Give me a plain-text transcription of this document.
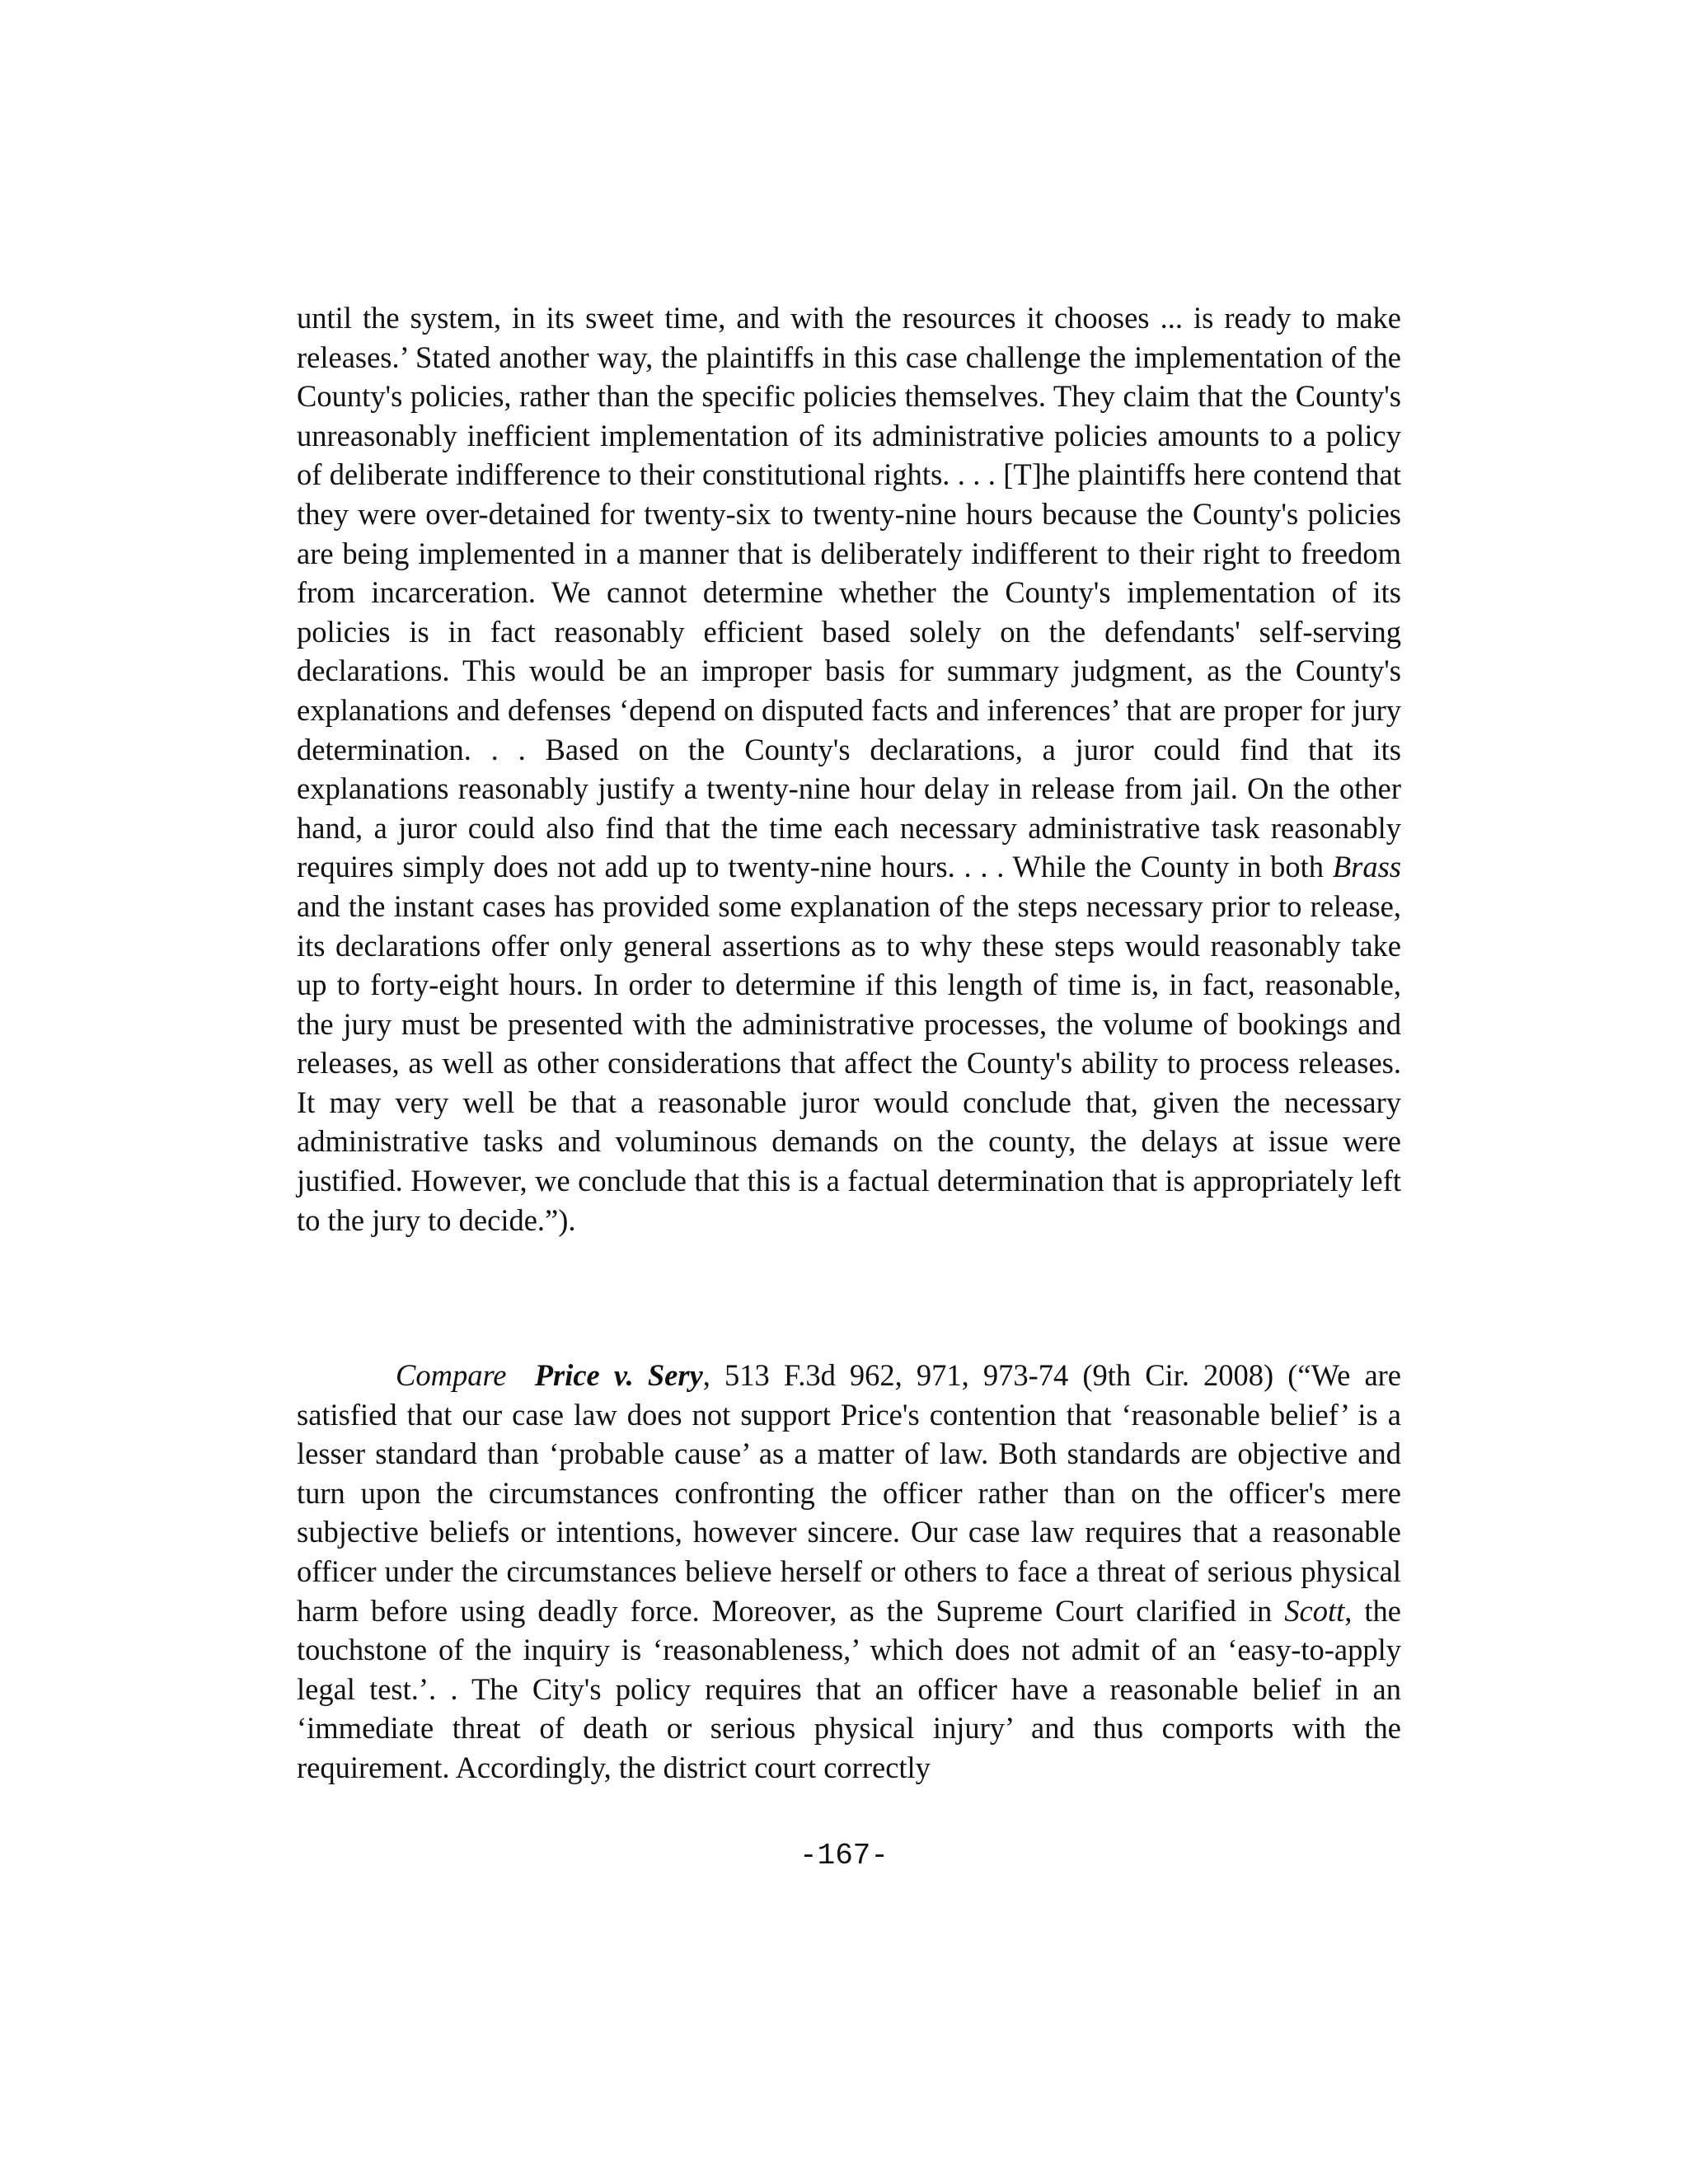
until the system, in its sweet time, and with the resources it chooses ... is ready to make releases.’ Stated another way, the plaintiffs in this case challenge the implementation of the County's policies, rather than the specific policies themselves. They claim that the County's unreasonably inefficient implementation of its administrative policies amounts to a policy of deliberate indifference to their constitutional rights. . . . [T]he plaintiffs here contend that they were over-detained for twenty-six to twenty-nine hours because the County's policies are being implemented in a manner that is deliberately indifferent to their right to freedom from incarceration. We cannot determine whether the County's implementation of its policies is in fact reasonably efficient based solely on the defendants' self-serving declarations. This would be an improper basis for summary judgment, as the County's explanations and defenses ‘depend on disputed facts and inferences’ that are proper for jury determination. . . Based on the County's declarations, a juror could find that its explanations reasonably justify a twenty-nine hour delay in release from jail. On the other hand, a juror could also find that the time each necessary administrative task reasonably requires simply does not add up to twenty-nine hours. . . . While the County in both Brass and the instant cases has provided some explanation of the steps necessary prior to release, its declarations offer only general assertions as to why these steps would reasonably take up to forty-eight hours. In order to determine if this length of time is, in fact, reasonable, the jury must be presented with the administrative processes, the volume of bookings and releases, as well as other considerations that affect the County's ability to process releases. It may very well be that a reasonable juror would conclude that, given the necessary administrative tasks and voluminous demands on the county, the delays at issue were justified. However, we conclude that this is a factual determination that is appropriately left to the jury to decide.”).

Compare Price v. Sery, 513 F.3d 962, 971, 973-74 (9th Cir. 2008) (“We are satisfied that our case law does not support Price's contention that ‘reasonable belief’ is a lesser standard than ‘probable cause’ as a matter of law. Both standards are objective and turn upon the circumstances confronting the officer rather than on the officer's mere subjective beliefs or intentions, however sincere. Our case law requires that a reasonable officer under the circumstances believe herself or others to face a threat of serious physical harm before using deadly force. Moreover, as the Supreme Court clarified in Scott, the touchstone of the inquiry is ‘reasonableness,’ which does not admit of an ‘easy-to-apply legal test.’. . The City's policy requires that an officer have a reasonable belief in an ‘immediate threat of death or serious physical injury’ and thus comports with the requirement. Accordingly, the district court correctly

-167-
